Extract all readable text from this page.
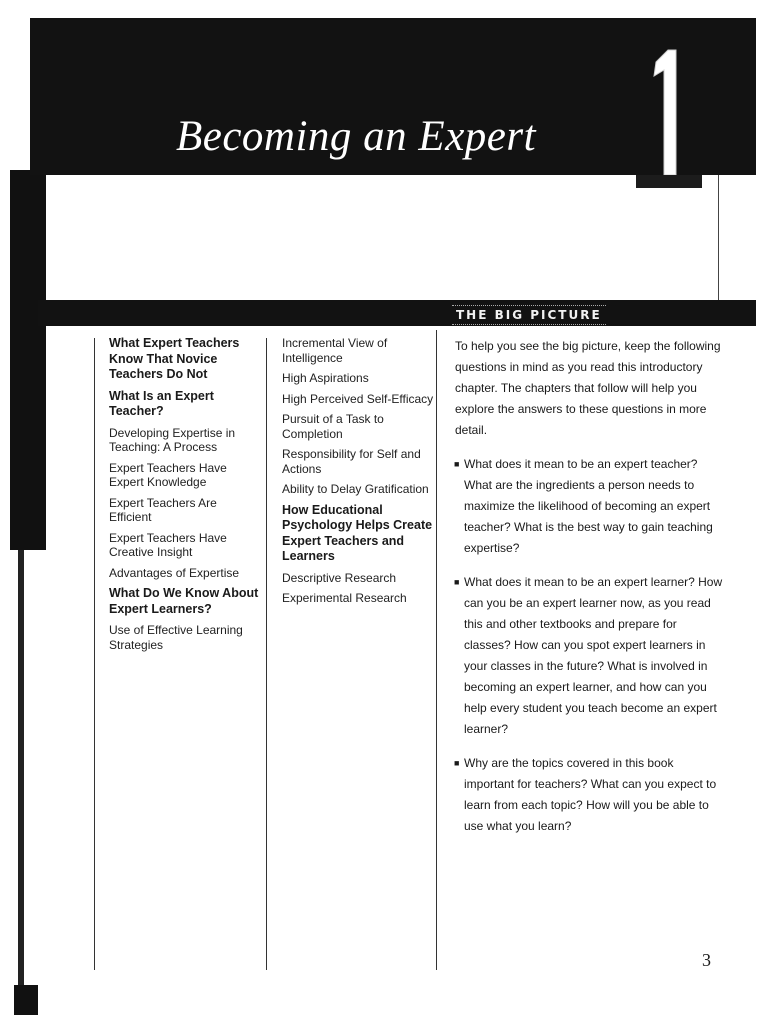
Becoming an Expert
THE BIG PICTURE

What Expert Teachers Know That Novice Teachers Do Not

What Is an Expert Teacher?

Developing Expertise in Teaching: A Process

Expert Teachers Have Expert Knowledge

Expert Teachers Are Efficient

Expert Teachers Have Creative Insight

Advantages of Expertise

What Do We Know About Expert Learners?

Use of Effective Learning Strategies

Incremental View of Intelligence

High Aspirations

High Perceived Self-Efficacy

Pursuit of a Task to Completion

Responsibility for Self and Actions

Ability to Delay Gratification

How Educational Psychology Helps Create Expert Teachers and Learners

Descriptive Research

Experimental Research

To help you see the big picture, keep the following questions in mind as you read this introductory chapter. The chapters that follow will help you explore the answers to these questions in more detail.

■ What does it mean to be an expert teacher? What are the ingredients a person needs to maximize the likelihood of becoming an expert teacher? What is the best way to gain teaching expertise?
■ What does it mean to be an expert learner? How can you be an expert learner now, as you read this and other textbooks and prepare for classes? How can you spot expert learners in your classes in the future? What is involved in becoming an expert learner, and how can you help every student you teach become an expert learner?
■ Why are the topics covered in this book important for teachers? What can you expect to learn from each topic? How will you be able to use what you learn?
3
